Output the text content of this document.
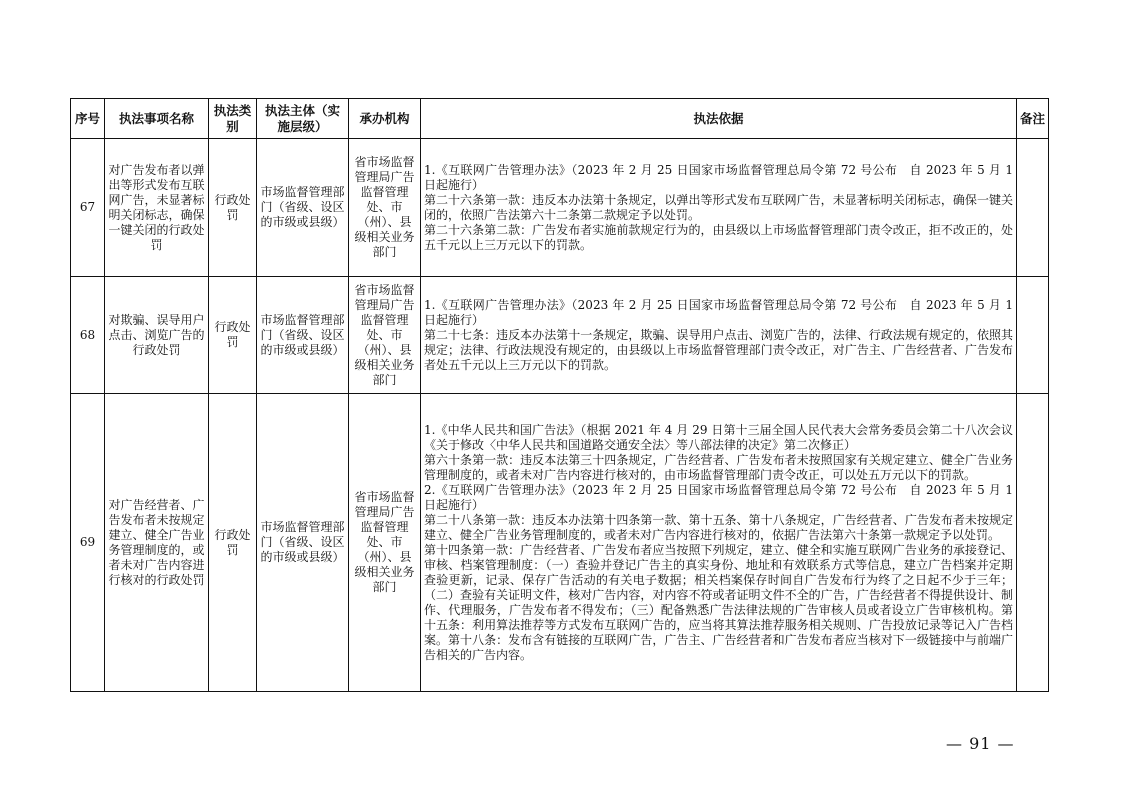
序号	执法事项名称	执法类别	执法主体（实施层级）	承办机构	执法依据	备注
67	对广告发布者以弹出等形式发布互联网广告，未显著标明关闭标志，确保一键关闭的行政处罚	行政处罚	市场监督管理部门（省级、设区的市级或县级）	省市场监督管理局广告监督管理处、市（州）、县级相关业务部门	1.《互联网广告管理办法》（2023 年 2 月 25 日国家市场监督管理总局令第 72 号公布　自 2023 年 5 月 1 日起施行）

第二十六条第一款：违反本办法第十条规定，以弹出等形式发布互联网广告，未显著标明关闭标志，确保一键关闭的，依照广告法第六十二条第二款规定予以处罚。

第二十六条第二款：广告发布者实施前款规定行为的，由县级以上市场监督管理部门责令改正，拒不改正的，处五千元以上三万元以下的罚款。	

68	对欺骗、误导用户点击、浏览广告的行政处罚	行政处罚	市场监督管理部门（省级、设区的市级或县级）	省市场监督管理局广告监督管理处、市（州）、县级相关业务部门	1.《互联网广告管理办法》（2023 年 2 月 25 日国家市场监督管理总局令第 72 号公布　自 2023 年 5 月 1 日起施行）

第二十七条：违反本办法第十一条规定，欺骗、误导用户点击、浏览广告的，法律、行政法规有规定的，依照其规定；法律、行政法规没有规定的，由县级以上市场监督管理部门责令改正，对广告主、广告经营者、广告发布者处五千元以上三万元以下的罚款。	

69	对广告经营者、广告发布者未按规定建立、健全广告业务管理制度的，或者未对广告内容进行核对的行政处罚	行政处罚	市场监督管理部门（省级、设区的市级或县级）	省市场监督管理局广告监督管理处、市（州）、县级相关业务部门	1.《中华人民共和国广告法》（根据 2021 年 4 月 29 日第十三届全国人民代表大会常务委员会第二十八次会议《关于修改〈中华人民共和国道路交通安全法〉等八部法律的决定》第二次修正）

第六十条第一款：违反本法第三十四条规定，广告经营者、广告发布者未按照国家有关规定建立、健全广告业务管理制度的，或者未对广告内容进行核对的，由市场监督管理部门责令改正，可以处五万元以下的罚款。

2.《互联网广告管理办法》（2023 年 2 月 25 日国家市场监督管理总局令第 72 号公布　自 2023 年 5 月 1 日起施行）

第二十八条第一款：违反本办法第十四条第一款、第十五条、第十八条规定，广告经营者、广告发布者未按规定建立、健全广告业务管理制度的，或者未对广告内容进行核对的，依据广告法第六十条第一款规定予以处罚。

第十四条第一款：广告经营者、广告发布者应当按照下列规定，建立、健全和实施互联网广告业务的承接登记、审核、档案管理制度：（一）查验并登记广告主的真实身份、地址和有效联系方式等信息，建立广告档案并定期查验更新，记录、保存广告活动的有关电子数据；相关档案保存时间自广告发布行为终了之日起不少于三年；（二）查验有关证明文件，核对广告内容，对内容不符或者证明文件不全的广告，广告经营者不得提供设计、制作、代理服务，广告发布者不得发布；（三）配备熟悉广告法律法规的广告审核人员或者设立广告审核机构。第十五条：利用算法推荐等方式发布互联网广告的，应当将其算法推荐服务相关规则、广告投放记录等记入广告档案。第十八条：发布含有链接的互联网广告，广告主、广告经营者和广告发布者应当核对下一级链接中与前端广告相关的广告内容。	

— 91 —
